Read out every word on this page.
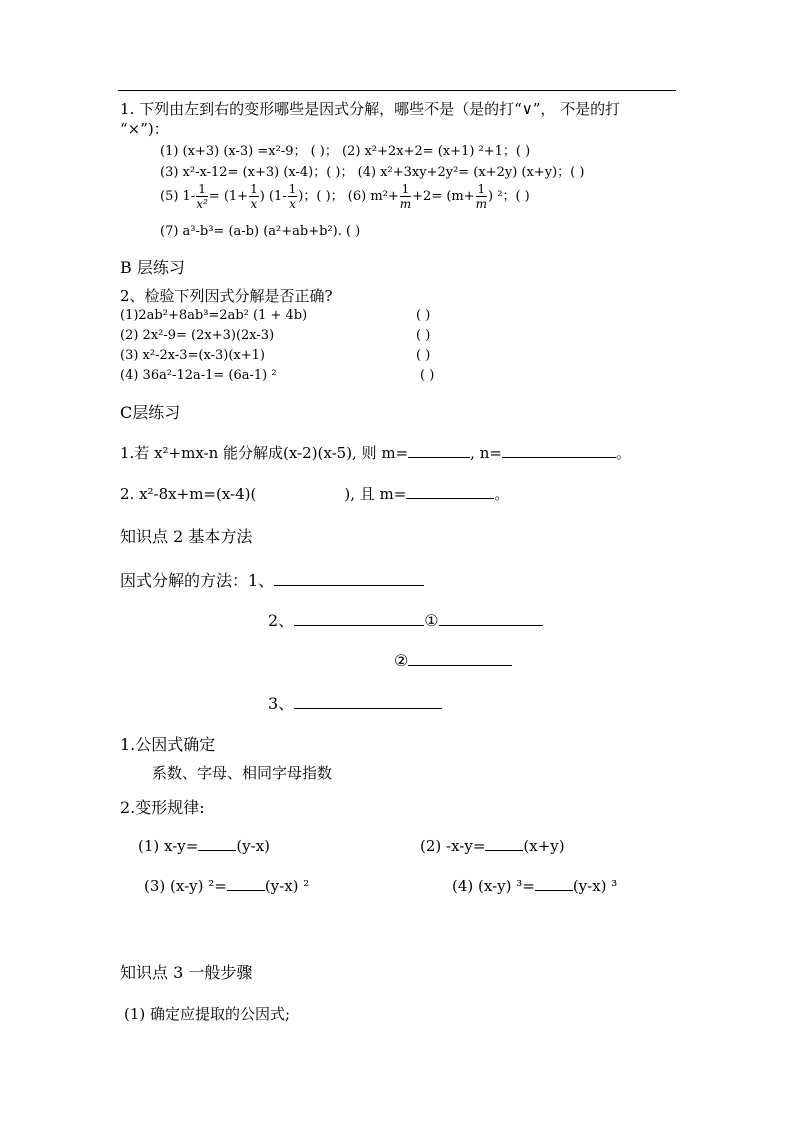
1. 下列由左到右的变形哪些是因式分解，哪些不是（是的打“∨”， 不是的打
“×”)：
(1) (x+3) (x-3) =x²-9； ( )； (2) x²+2x+2= (x+1) ²+1；( )
(3) x²-x-12= (x+3) (x-4)；( )； (4) x²+3xy+2y²= (x+2y) (x+y)；( )
(5) $1- \frac{1}{\text{x²}} = (1+ \frac{1}{x}$ ) ($1- \frac{1}{x}$ )；( )； (6) $m^2+ \frac{1}{m} +2= (m+ \frac{1}{m}$ ) ²；( )
(7) a³-b³= (a-b) (a²+ab+b²). ( )
B 层练习
2、检验下列因式分解是否正确?
(1)2ab²+8ab³=2ab² (1 + 4b)	( )
(2) 2x²-9= (2x+3)(2x-3)	( )
(3) x²-2x-3=(x-3)(x+1)	( )
(4) 36a²-12a-1= (6a-1) ²	( )
C层练习
1.若 x²+mx-n 能分解成(x-2)(x-5), 则 m=	, n=	。
2. x²-8x+m=(x-4)(	), 且 m=	。
知识点 2 基本方法
因式分解的方法：1、
2、	①
②
3、
1.公因式确定
系数、字母、相同字母指数
2.变形规律:
(1) x-y=	(y-x)	(2) -x-y=	(x+y)
(3) (x-y) ²=	(y-x) ²	(4) (x-y) ³=	(y-x) ³
知识点 3 一般步骤
(1) 确定应提取的公因式;
